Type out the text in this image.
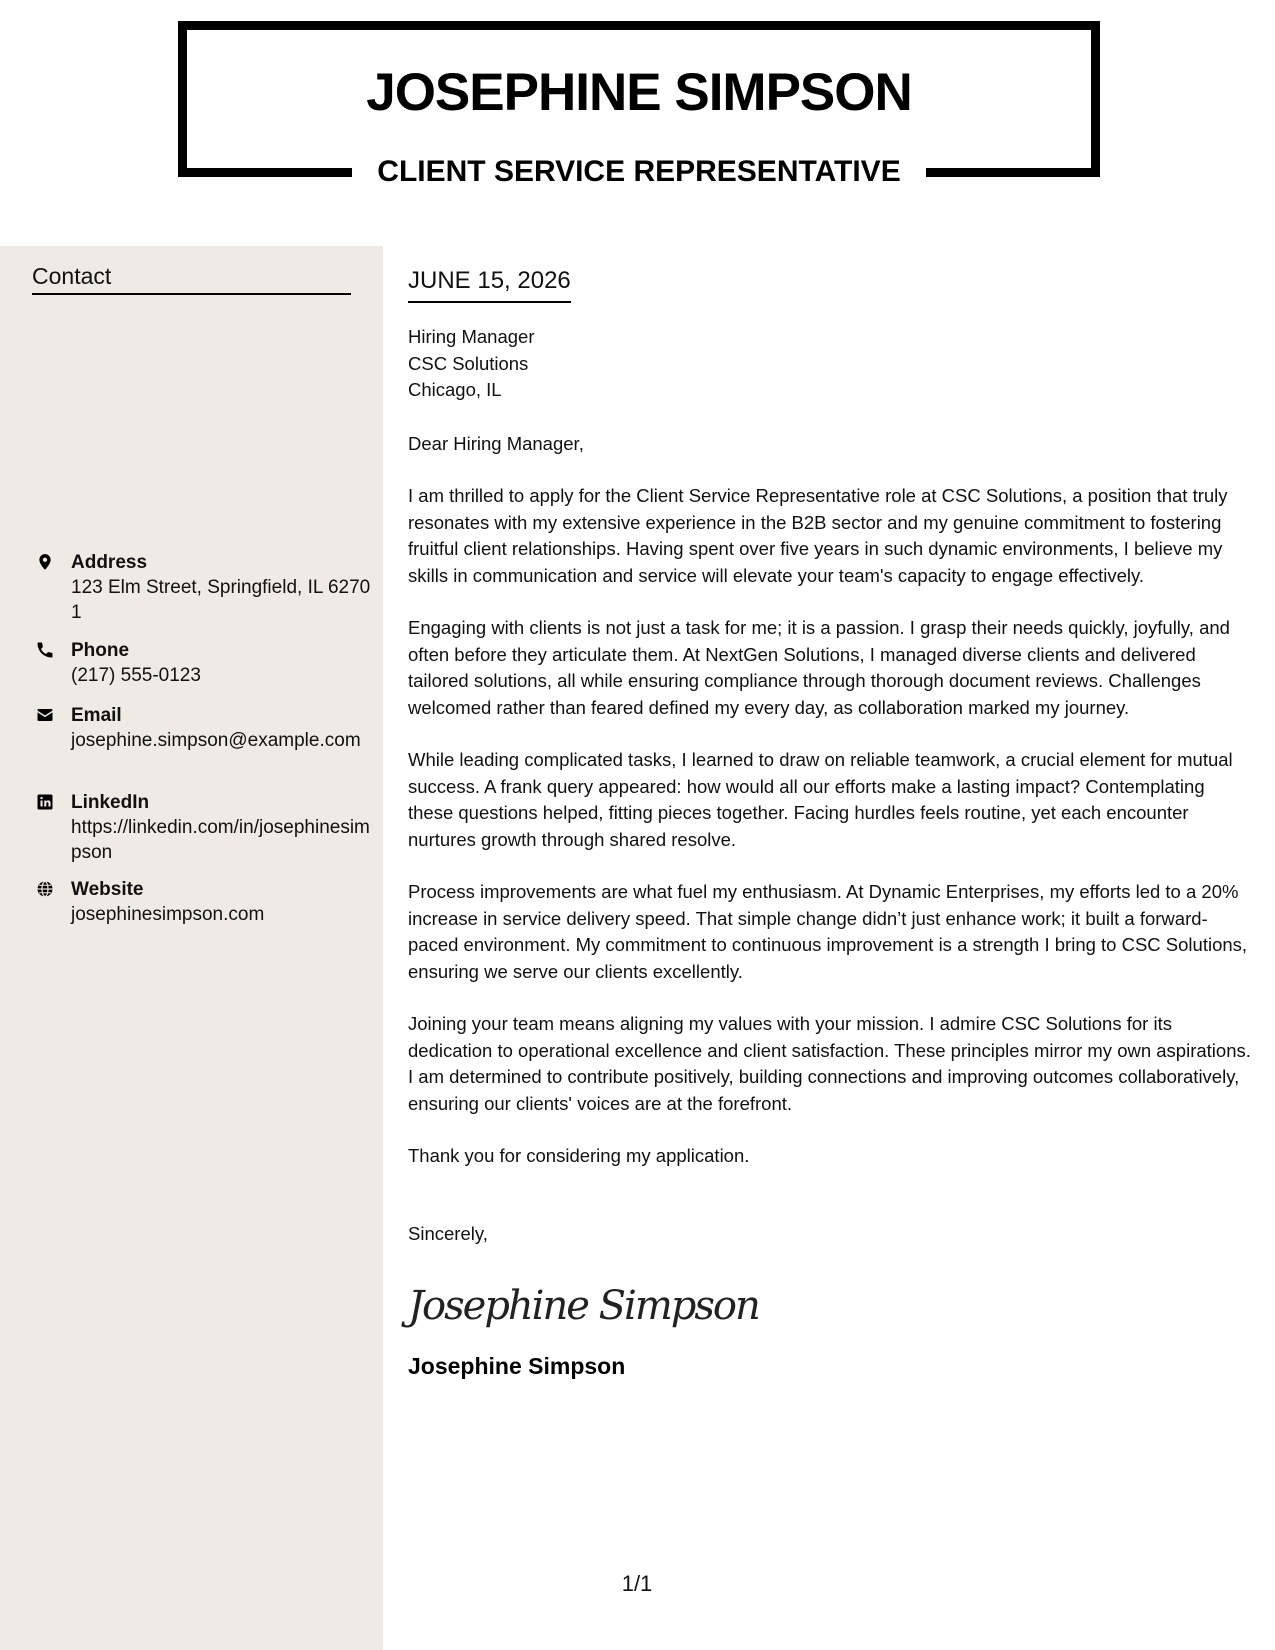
JOSEPHINE SIMPSON
CLIENT SERVICE REPRESENTATIVE
Contact
Address
123 Elm Street, Springfield, IL 62701
Phone
(217) 555-0123
Email
josephine.simpson@example.com
LinkedIn
https://linkedin.com/in/josephinesimpson
Website
josephinesimpson.com
JUNE 15, 2026
Hiring Manager
CSC Solutions
Chicago, IL
Dear Hiring Manager,

I am thrilled to apply for the Client Service Representative role at CSC Solutions, a position that truly resonates with my extensive experience in the B2B sector and my genuine commitment to fostering fruitful client relationships. Having spent over five years in such dynamic environments, I believe my skills in communication and service will elevate your team's capacity to engage effectively.

Engaging with clients is not just a task for me; it is a passion. I grasp their needs quickly, joyfully, and often before they articulate them. At NextGen Solutions, I managed diverse clients and delivered tailored solutions, all while ensuring compliance through thorough document reviews. Challenges welcomed rather than feared defined my every day, as collaboration marked my journey.

While leading complicated tasks, I learned to draw on reliable teamwork, a crucial element for mutual success. A frank query appeared: how would all our efforts make a lasting impact? Contemplating these questions helped, fitting pieces together. Facing hurdles feels routine, yet each encounter nurtures growth through shared resolve.

Process improvements are what fuel my enthusiasm. At Dynamic Enterprises, my efforts led to a 20% increase in service delivery speed. That simple change didn’t just enhance work; it built a forward-paced environment. My commitment to continuous improvement is a strength I bring to CSC Solutions, ensuring we serve our clients excellently.

Joining your team means aligning my values with your mission. I admire CSC Solutions for its dedication to operational excellence and client satisfaction. These principles mirror my own aspirations. I am determined to contribute positively, building connections and improving outcomes collaboratively, ensuring our clients' voices are at the forefront.

Thank you for considering my application.

Sincerely,
Josephine Simpson
Josephine Simpson
1/1
